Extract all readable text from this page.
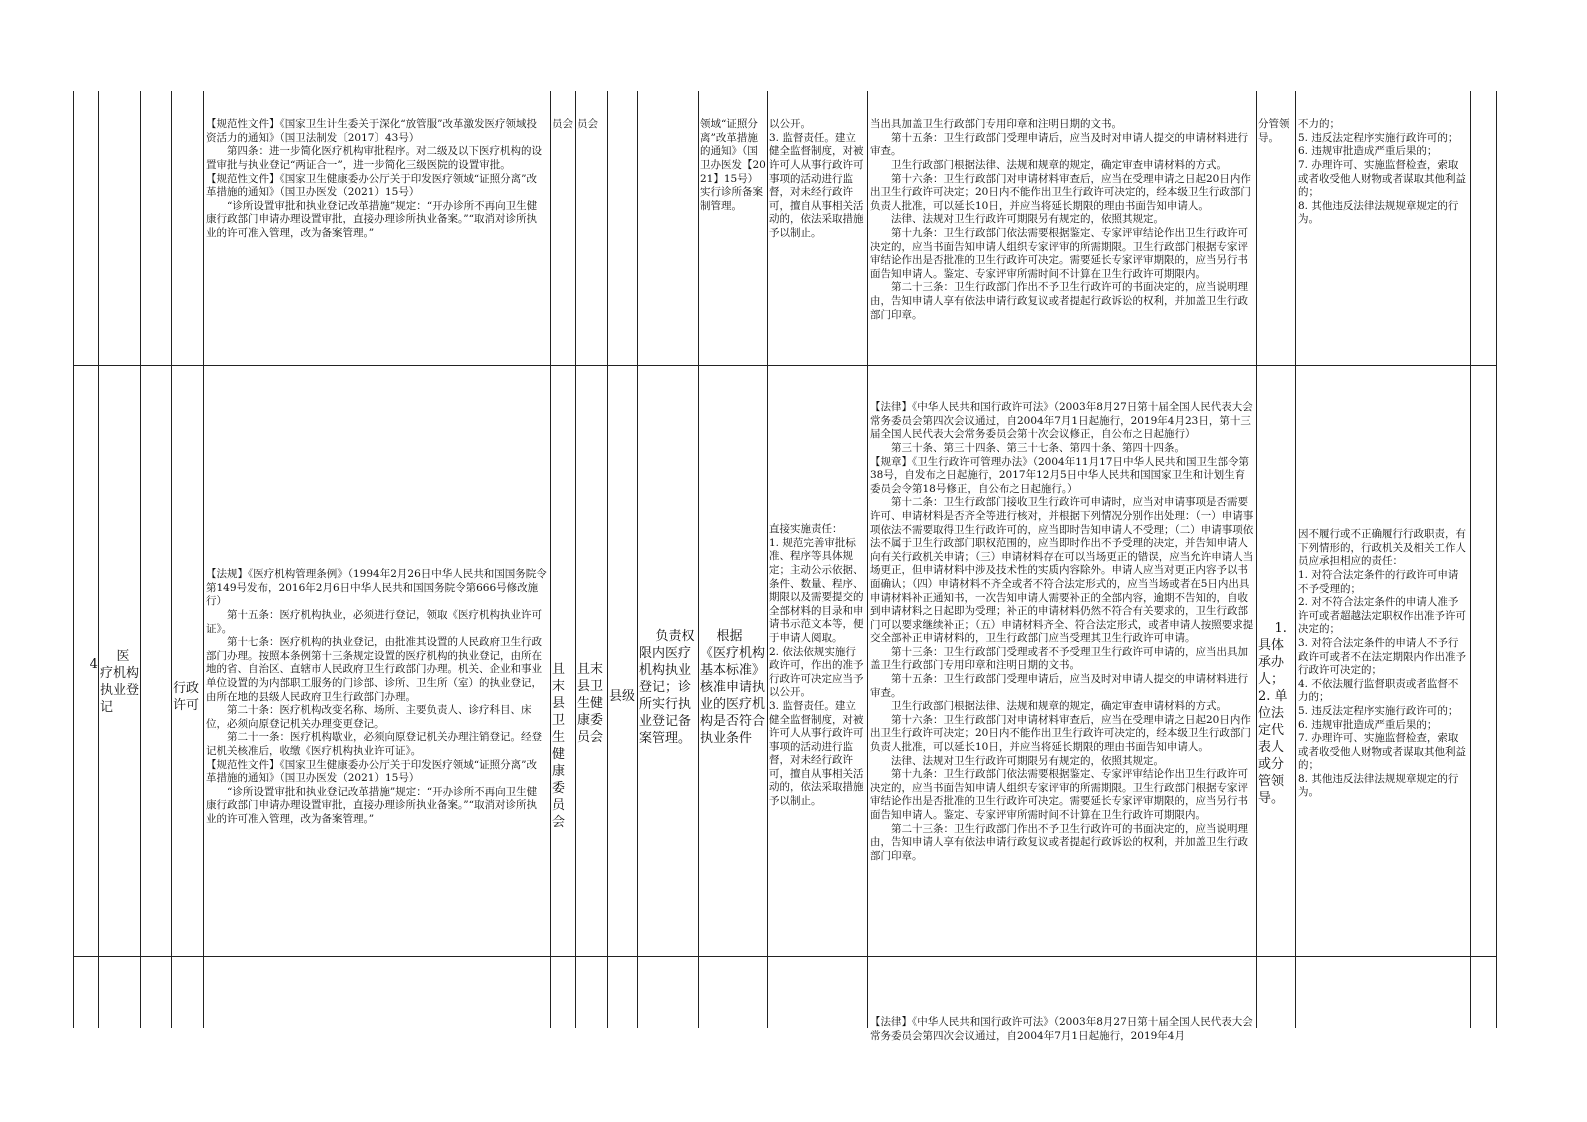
【规范性文件】《国家卫生计生委关于深化“放管服”改革激发医疗领域投资活力的通知》（国卫法制发〔2017〕43号）
　　第四条：进一步简化医疗机构审批程序。对二级及以下医疗机构的设置审批与执业登记“两证合一”，进一步简化三级医院的设置审批。
【规范性文件】《国家卫生健康委办公厅关于印发医疗领域“证照分离”改革措施的通知》（国卫办医发（2021）15号）
　　“诊所设置审批和执业登记改革措施”规定：“开办诊所不再向卫生健康行政部门申请办理设置审批，直接办理诊所执业备案。”“取消对诊所执业的许可准入管理，改为备案管理。”

员会

员会

	领域“证照分离”改革措施的通知》（国卫办医发【2021】15号）实行诊所备案制管理。

以公开。
3. 监督责任。建立健全监督制度，对被许可人从事行政许可事项的活动进行监督，对未经行政许可，擅自从事相关活动的，依法采取措施予以制止。

当出具加盖卫生行政部门专用印章和注明日期的文书。
　　第十五条：卫生行政部门受理申请后，应当及时对申请人提交的申请材料进行审查。
　　卫生行政部门根据法律、法规和规章的规定，确定审查申请材料的方式。
　　第十六条：卫生行政部门对申请材料审查后，应当在受理申请之日起20日内作出卫生行政许可决定；20日内不能作出卫生行政许可决定的，经本级卫生行政部门负责人批准，可以延长10日，并应当将延长期限的理由书面告知申请人。
　　法律、法规对卫生行政许可期限另有规定的，依照其规定。
　　第十九条：卫生行政部门依法需要根据鉴定、专家评审结论作出卫生行政许可决定的，应当书面告知申请人组织专家评审的所需期限。卫生行政部门根据专家评审结论作出是否批准的卫生行政许可决定。需要延长专家评审期限的，应当另行书面告知申请人。鉴定、专家评审所需时间不计算在卫生行政许可期限内。
　　第二十三条：卫生行政部门作出不予卫生行政许可的书面决定的，应当说明理由，告知申请人享有依法申请行政复议或者提起行政诉讼的权利，并加盖卫生行政部门印章。

分管领导。

不力的；
5. 违反法定程序实施行政许可的；
6. 违规审批造成严重后果的；
7. 办理许可、实施监督检查，索取或者收受他人财物或者谋取其他利益的；
8. 其他违反法律法规规章规定的行为。

4

医疗机构执业登记

行政许可

【法规】《医疗机构管理条例》（1994年2月26日中华人民共和国国务院令第149号发布，2016年2月6日中华人民共和国国务院令第666号修改施行）
　　第十五条：医疗机构执业，必须进行登记，领取《医疗机构执业许可证》。
　　第十七条：医疗机构的执业登记，由批准其设置的人民政府卫生行政部门办理。按照本条例第十三条规定设置的医疗机构的执业登记，由所在地的省、自治区、直辖市人民政府卫生行政部门办理。机关、企业和事业单位设置的为内部职工服务的门诊部、诊所、卫生所（室）的执业登记，由所在地的县级人民政府卫生行政部门办理。
　　第二十条：医疗机构改变名称、场所、主要负责人、诊疗科目、床位，必须向原登记机关办理变更登记。
　　第二十一条：医疗机构歇业，必须向原登记机关办理注销登记。经登记机关核准后，收缴《医疗机构执业许可证》。
【规范性文件】《国家卫生健康委办公厅关于印发医疗领域“证照分离”改革措施的通知》（国卫办医发（2021）15号）
　　“诊所设置审批和执业登记改革措施”规定：“开办诊所不再向卫生健康行政部门申请办理设置审批，直接办理诊所执业备案。”“取消对诊所执业的许可准入管理，改为备案管理。”

且末县卫生健康委员会

且末县卫生健康委员会

县级

负责权限内医疗机构执业登记；诊所实行执业登记备案管理。

根据《医疗机构基本标准》核准申请执业的医疗机构是否符合执业条件

直接实施责任：
1. 规范完善审批标准、程序等具体规定；主动公示依据、条件、数量、程序、期限以及需要提交的全部材料的目录和申请书示范文本等，便于申请人阅取。
2. 依法依规实施行政许可，作出的准予行政许可决定应当予以公开。
3. 监督责任。建立健全监督制度，对被许可人从事行政许可事项的活动进行监督，对未经行政许可，擅自从事相关活动的，依法采取措施予以制止。

【法律】《中华人民共和国行政许可法》（2003年8月27日第十届全国人民代表大会常务委员会第四次会议通过，自2004年7月1日起施行，2019年4月23日，第十三届全国人民代表大会常务委员会第十次会议修正，自公布之日起施行）
　　第三十条、第三十四条、第三十七条、第四十条、第四十四条。
【规章】《卫生行政许可管理办法》（2004年11月17日中华人民共和国卫生部令第38号，自发布之日起施行，2017年12月5日中华人民共和国国家卫生和计划生育委员会令第18号修正，自公布之日起施行。）
　　第十二条：卫生行政部门接收卫生行政许可申请时，应当对申请事项是否需要许可、申请材料是否齐全等进行核对，并根据下列情况分别作出处理：（一）申请事项依法不需要取得卫生行政许可的，应当即时告知申请人不受理；（二）申请事项依法不属于卫生行政部门职权范围的，应当即时作出不予受理的决定，并告知申请人向有关行政机关申请；（三）申请材料存在可以当场更正的错误，应当允许申请人当场更正，但申请材料中涉及技术性的实质内容除外。申请人应当对更正内容予以书面确认；（四）申请材料不齐全或者不符合法定形式的，应当当场或者在5日内出具申请材料补正通知书，一次告知申请人需要补正的全部内容，逾期不告知的，自收到申请材料之日起即为受理；补正的申请材料仍然不符合有关要求的，卫生行政部门可以要求继续补正；（五）申请材料齐全、符合法定形式，或者申请人按照要求提交全部补正申请材料的，卫生行政部门应当受理其卫生行政许可申请。
　　第十三条：卫生行政部门受理或者不予受理卫生行政许可申请的，应当出具加盖卫生行政部门专用印章和注明日期的文书。
　　第十五条：卫生行政部门受理申请后，应当及时对申请人提交的申请材料进行审查。
　　卫生行政部门根据法律、法规和规章的规定，确定审查申请材料的方式。
　　第十六条：卫生行政部门对申请材料审查后，应当在受理申请之日起20日内作出卫生行政许可决定；20日内不能作出卫生行政许可决定的，经本级卫生行政部门负责人批准，可以延长10日，并应当将延长期限的理由书面告知申请人。
　　法律、法规对卫生行政许可期限另有规定的，依照其规定。
　　第十九条：卫生行政部门依法需要根据鉴定、专家评审结论作出卫生行政许可决定的，应当书面告知申请人组织专家评审的所需期限。卫生行政部门根据专家评审结论作出是否批准的卫生行政许可决定。需要延长专家评审期限的，应当另行书面告知申请人。鉴定、专家评审所需时间不计算在卫生行政许可期限内。
　　第二十三条：卫生行政部门作出不予卫生行政许可的书面决定的，应当说明理由，告知申请人享有依法申请行政复议或者提起行政诉讼的权利，并加盖卫生行政部门印章。

1. 具体承办人；
2. 单位法定代表人或分管领导。

因不履行或不正确履行行政职责，有下列情形的，行政机关及相关工作人员应承担相应的责任：
1. 对符合法定条件的行政许可申请不予受理的；
2. 对不符合法定条件的申请人准予许可或者超越法定职权作出准予许可决定的；
3. 对符合法定条件的申请人不予行政许可或者不在法定期限内作出准予行政许可决定的；
4. 不依法履行监督职责或者监督不力的；
5. 违反法定程序实施行政许可的；
6. 违规审批造成严重后果的；
7. 办理许可、实施监督检查，索取或者收受他人财物或者谋取其他利益的；
8. 其他违反法律法规规章规定的行为。

【法律】《中华人民共和国行政许可法》（2003年8月27日第十届全国人民代表大会常务委员会第四次会议通过，自2004年7月1日起施行，2019年4月
